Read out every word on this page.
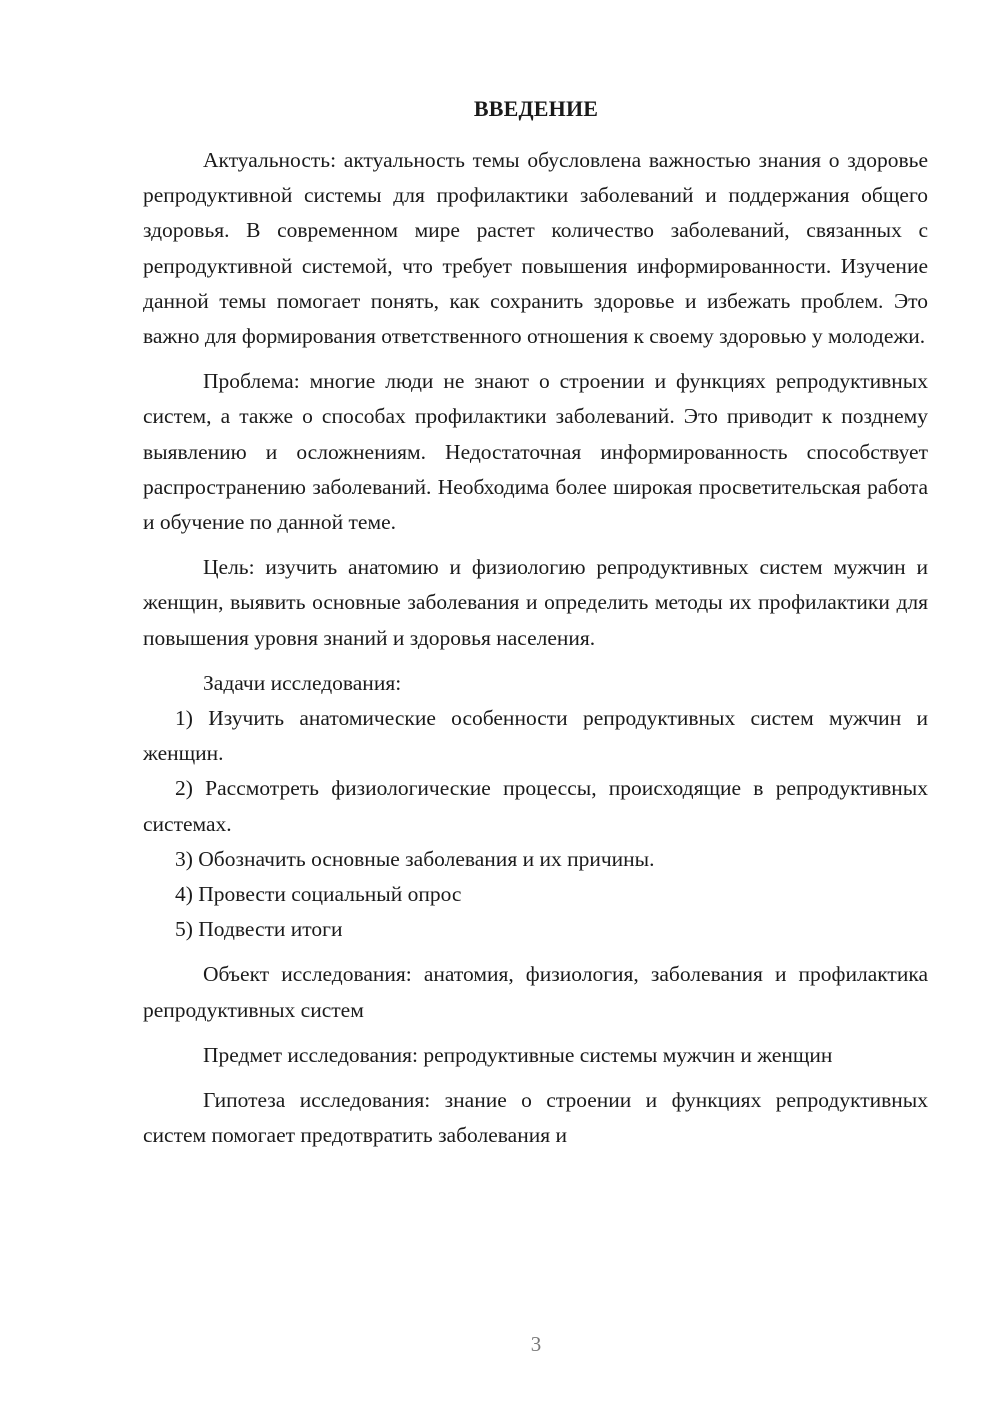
ВВЕДЕНИЕ

Актуальность: актуальность темы обусловлена важностью знания о здоровье репродуктивной системы для профилактики заболеваний и поддержания общего здоровья. В современном мире растет количество заболеваний, связанных с репродуктивной системой, что требует повышения информированности. Изучение данной темы помогает понять, как сохранить здоровье и избежать проблем. Это важно для формирования ответственного отношения к своему здоровью у молодежи.

Проблема: многие люди не знают о строении и функциях репродуктивных систем, а также о способах профилактики заболеваний. Это приводит к позднему выявлению и осложнениям. Недостаточная информированность способствует распространению заболеваний. Необходима более широкая просветительская работа и обучение по данной теме.

Цель: изучить анатомию и физиологию репродуктивных систем мужчин и женщин, выявить основные заболевания и определить методы их профилактики для повышения уровня знаний и здоровья населения.

Задачи исследования:

1) Изучить анатомические особенности репродуктивных систем мужчин и женщин.

2) Рассмотреть физиологические процессы, происходящие в репродуктивных системах.

3) Обозначить основные заболевания и их причины.

4) Провести социальный опрос

5) Подвести итоги

Объект исследования: анатомия, физиология, заболевания и профилактика репродуктивных систем

Предмет исследования: репродуктивные системы мужчин и женщин

Гипотеза исследования: знание о строении и функциях репродуктивных систем помогает предотвратить заболевания и

3
